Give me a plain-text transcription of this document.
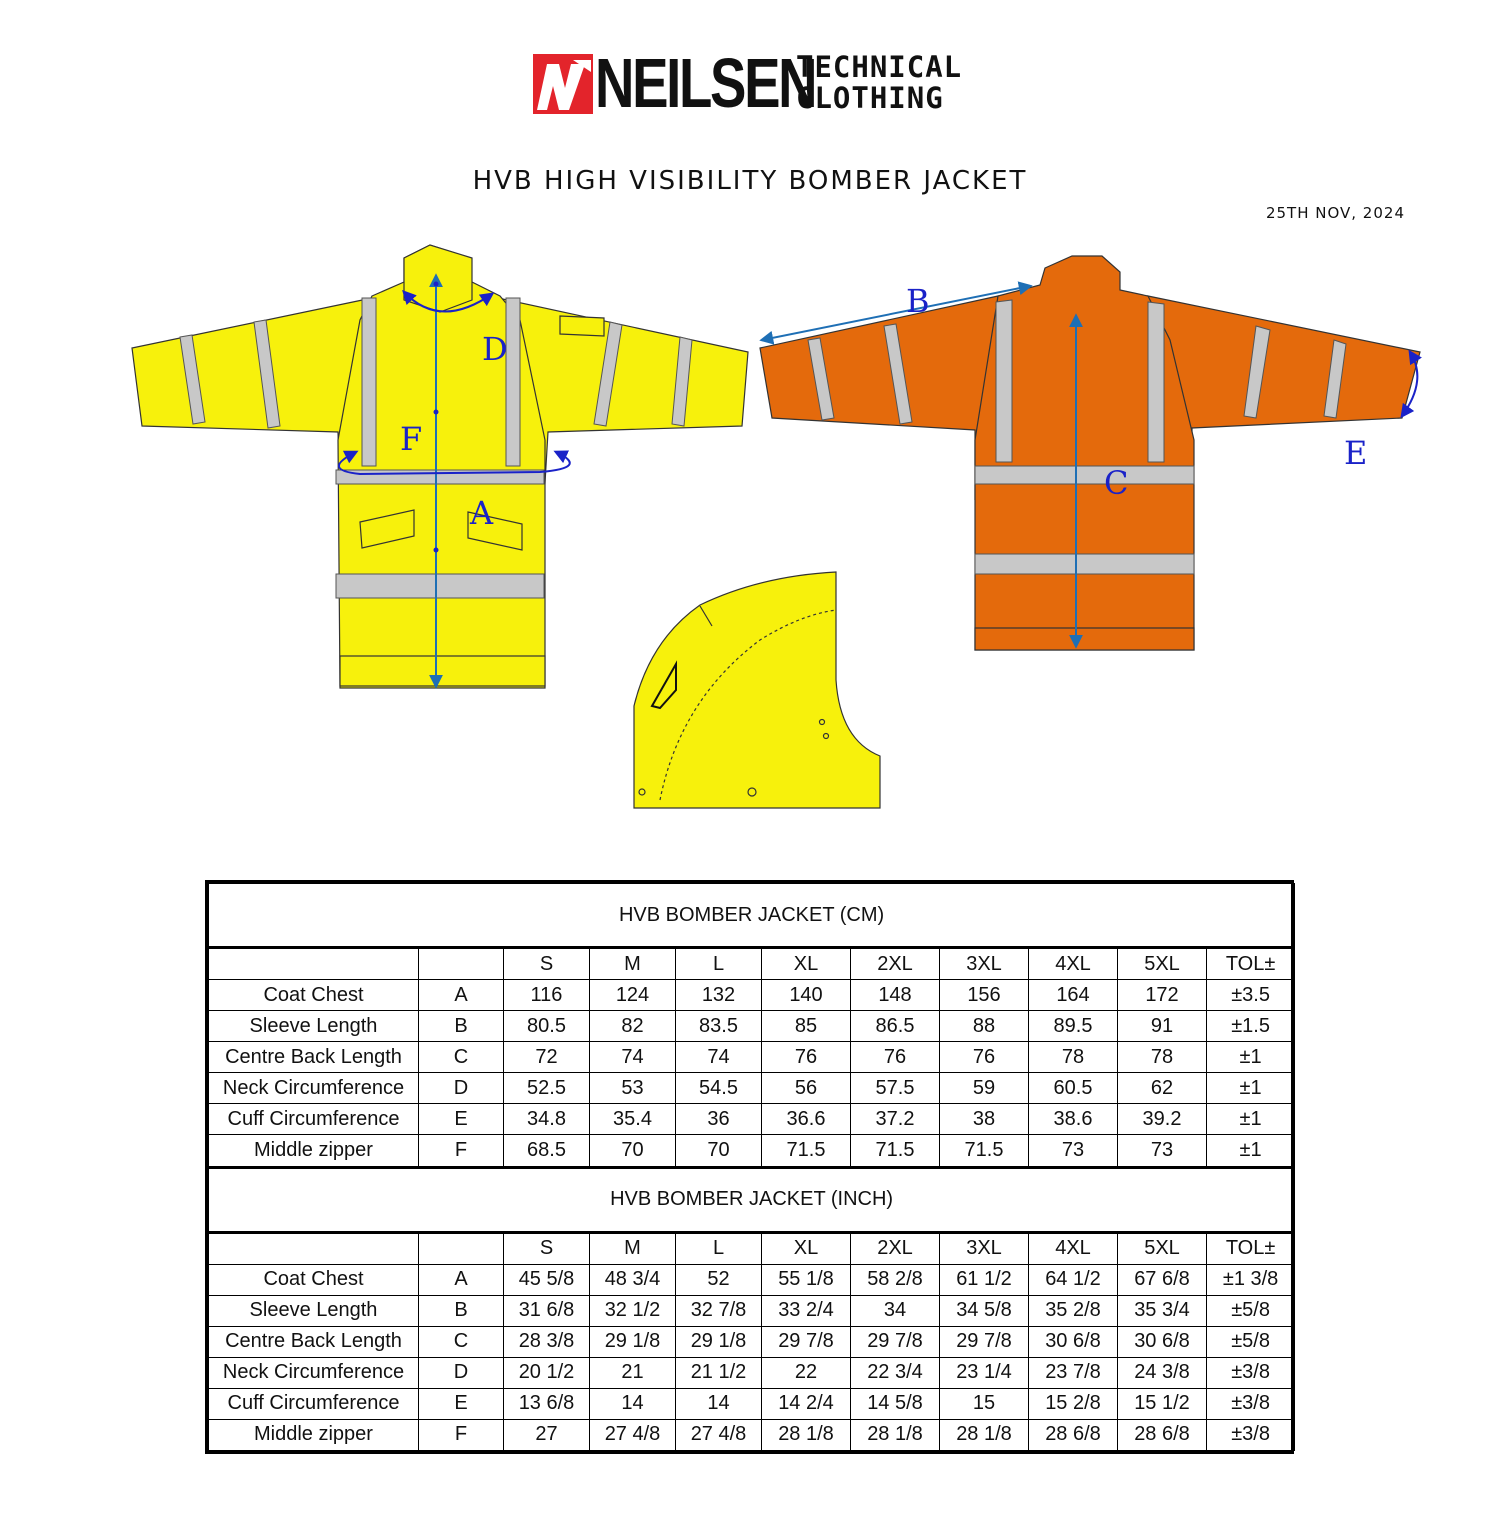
NEILSEN
TECHNICAL
CLOTHING
HVB HIGH VISIBILITY BOMBER JACKET
25TH NOV, 2024
D
F
A
B
C
E
HVB BOMBER JACKET (CM)										
		S	M	L	XL	2XL	3XL	4XL	5XL	TOL±
Coat Chest	A	116	124	132	140	148	156	164	172	±3.5
Sleeve Length	B	80.5	82	83.5	85	86.5	88	89.5	91	±1.5
Centre Back Length	C	72	74	74	76	76	76	78	78	±1
Neck Circumference	D	52.5	53	54.5	56	57.5	59	60.5	62	±1
Cuff Circumference	E	34.8	35.4	36	36.6	37.2	38	38.6	39.2	±1
Middle zipper	F	68.5	70	70	71.5	71.5	71.5	73	73	±1
HVB BOMBER JACKET (INCH)										
		S	M	L	XL	2XL	3XL	4XL	5XL	TOL±
Coat Chest	A	45 5/8	48 3/4	52	55 1/8	58 2/8	61 1/2	64 1/2	67 6/8	±1 3/8
Sleeve Length	B	31 6/8	32 1/2	32 7/8	33 2/4	34	34 5/8	35 2/8	35 3/4	±5/8
Centre Back Length	C	28 3/8	29 1/8	29 1/8	29 7/8	29 7/8	29 7/8	30 6/8	30 6/8	±5/8
Neck Circumference	D	20 1/2	21	21 1/2	22	22 3/4	23 1/4	23 7/8	24 3/8	±3/8
Cuff Circumference	E	13 6/8	14	14	14 2/4	14 5/8	15	15 2/8	15 1/2	±3/8
Middle zipper	F	27	27 4/8	27 4/8	28 1/8	28 1/8	28 1/8	28 6/8	28 6/8	±3/8
